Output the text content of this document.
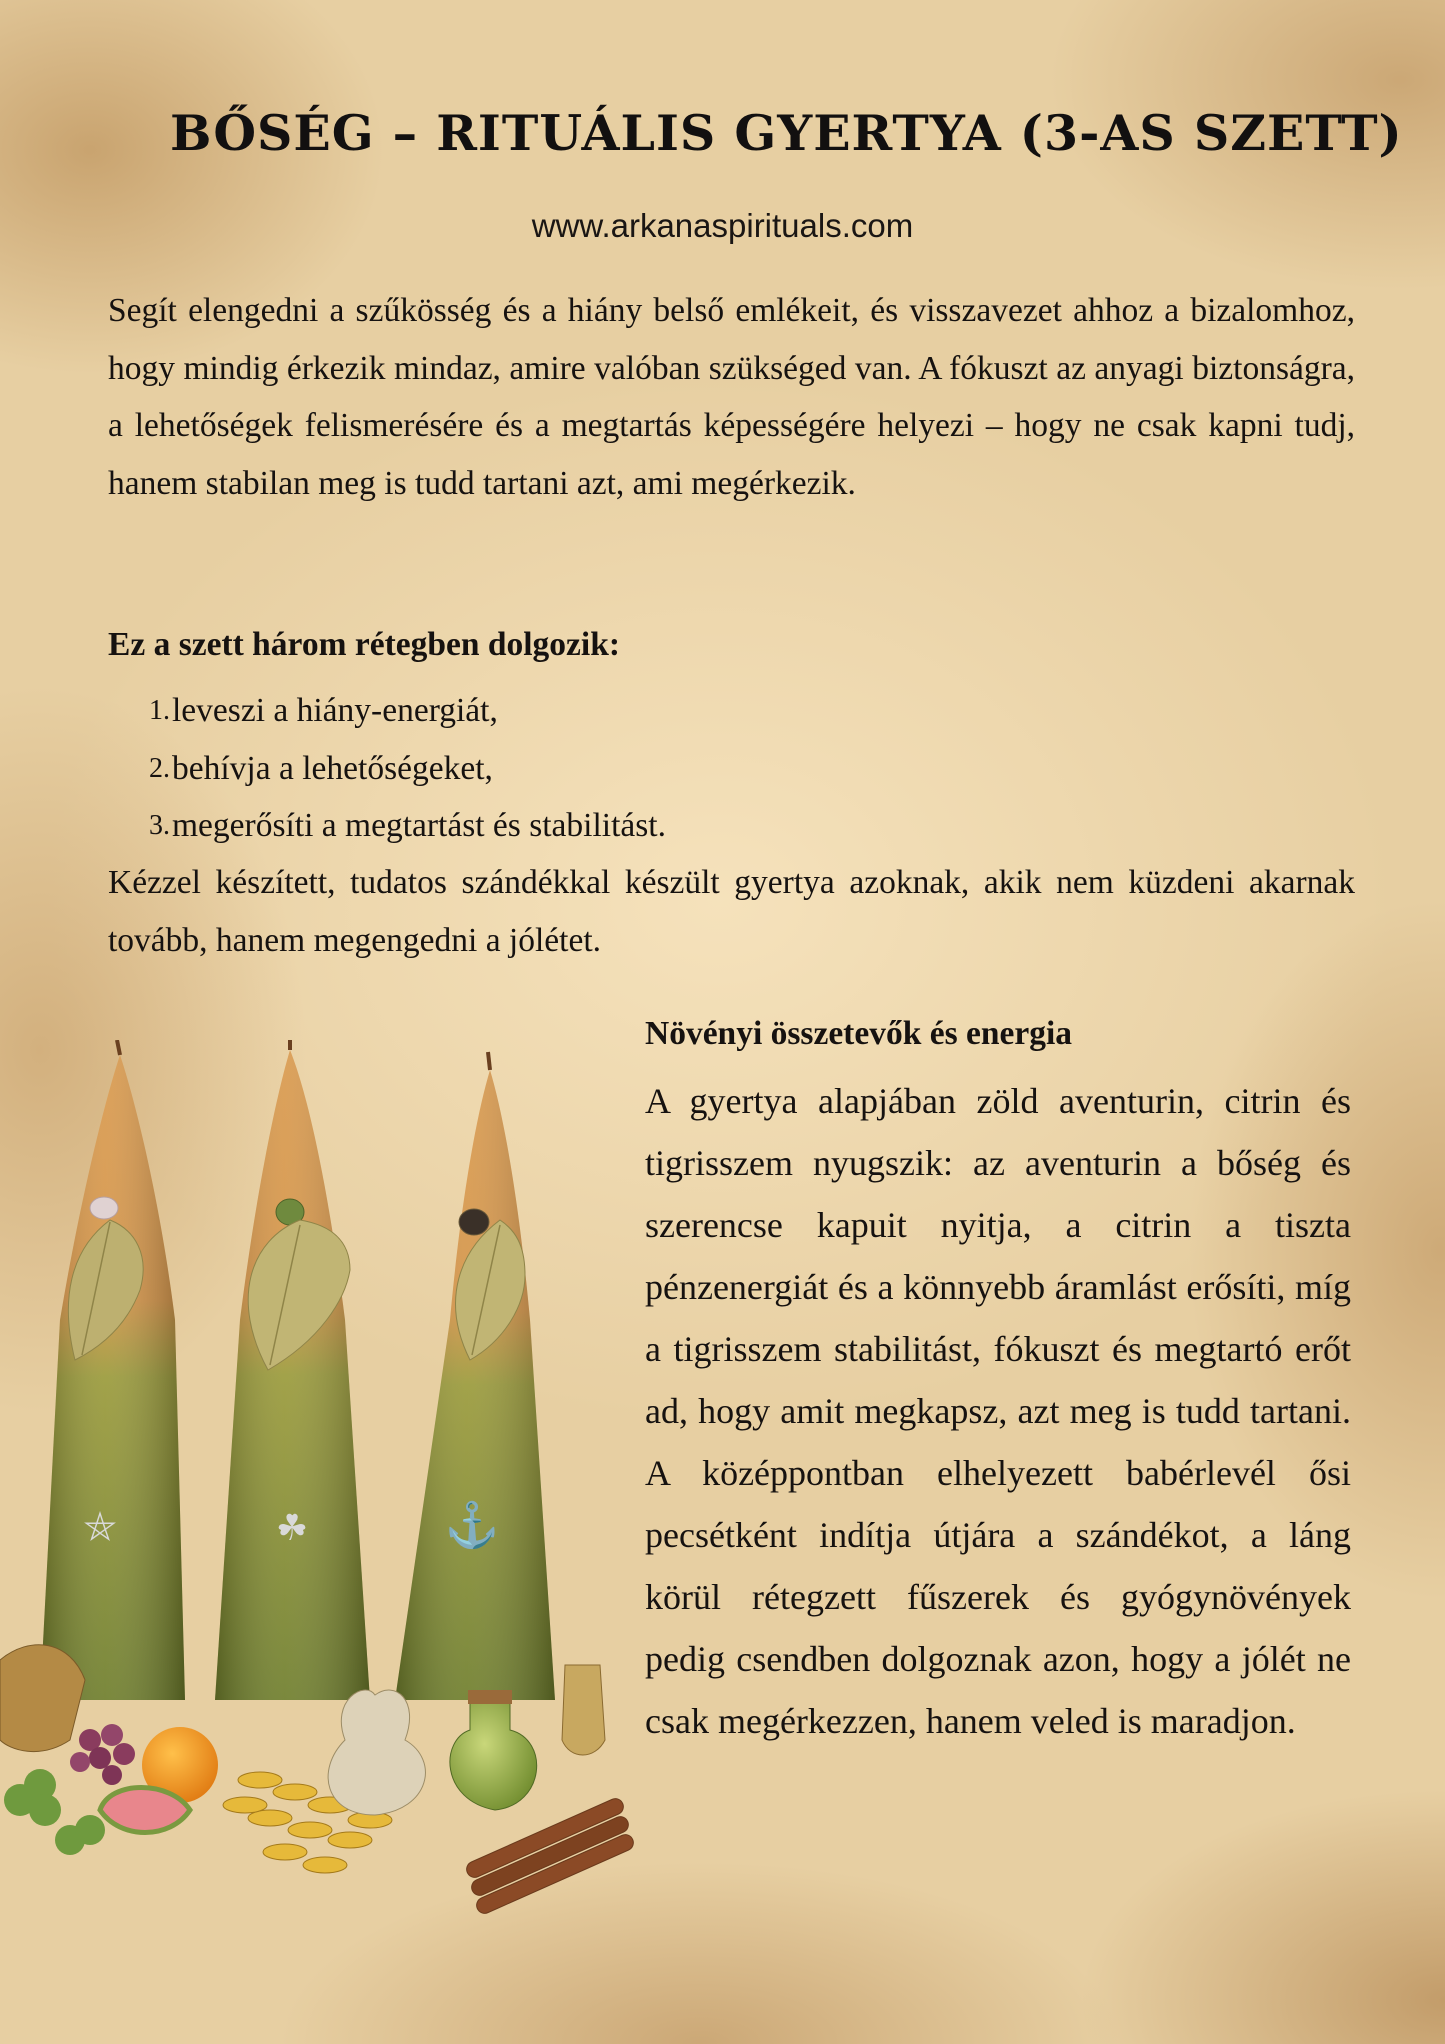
BŐSÉG – RITUÁLIS GYERTYA (3-AS SZETT)
www.arkanaspirituals.com

Segít elengedni a szűkösség és a hiány belső emlékeit, és visszavezet ahhoz a bizalomhoz, hogy mindig érkezik mindaz, amire valóban szükséged van. A fókuszt az anyagi biztonságra, a lehetőségek felismerésére és a megtartás képességére helyezi – hogy ne csak kapni tudj, hanem stabilan meg is tudd tartani azt, ami megérkezik.

Ez a szett három rétegben dolgozik:
1. leveszi a hiány-energiát,
2. behívja a lehetőségeket,
3. megerősíti a megtartást és stabilitást.

Kézzel készített, tudatos szándékkal készült gyertya azoknak, akik nem küzdeni akarnak tovább, hanem megengedni a jólétet.

Növényi összetevők és energia

A gyertya alapjában zöld aventurin, citrin és tigrisszem nyugszik: az aventurin a bőség és szerencse kapuit nyitja, a citrin a tiszta pénzenergiát és a könnyebb áramlást erősíti, míg a tigrisszem stabilitást, fókuszt és megtartó erőt ad, hogy amit megkapsz, azt meg is tudd tartani. A középpontban elhelyezett babérlevél ősi pecsétként indítja útjára a szándékot, a láng körül rétegzett fűszerek és gyógynövények pedig csendben dolgoznak azon, hogy a jólét ne csak megérkezzen, hanem veled is maradjon.

⛤	☘	⚓
